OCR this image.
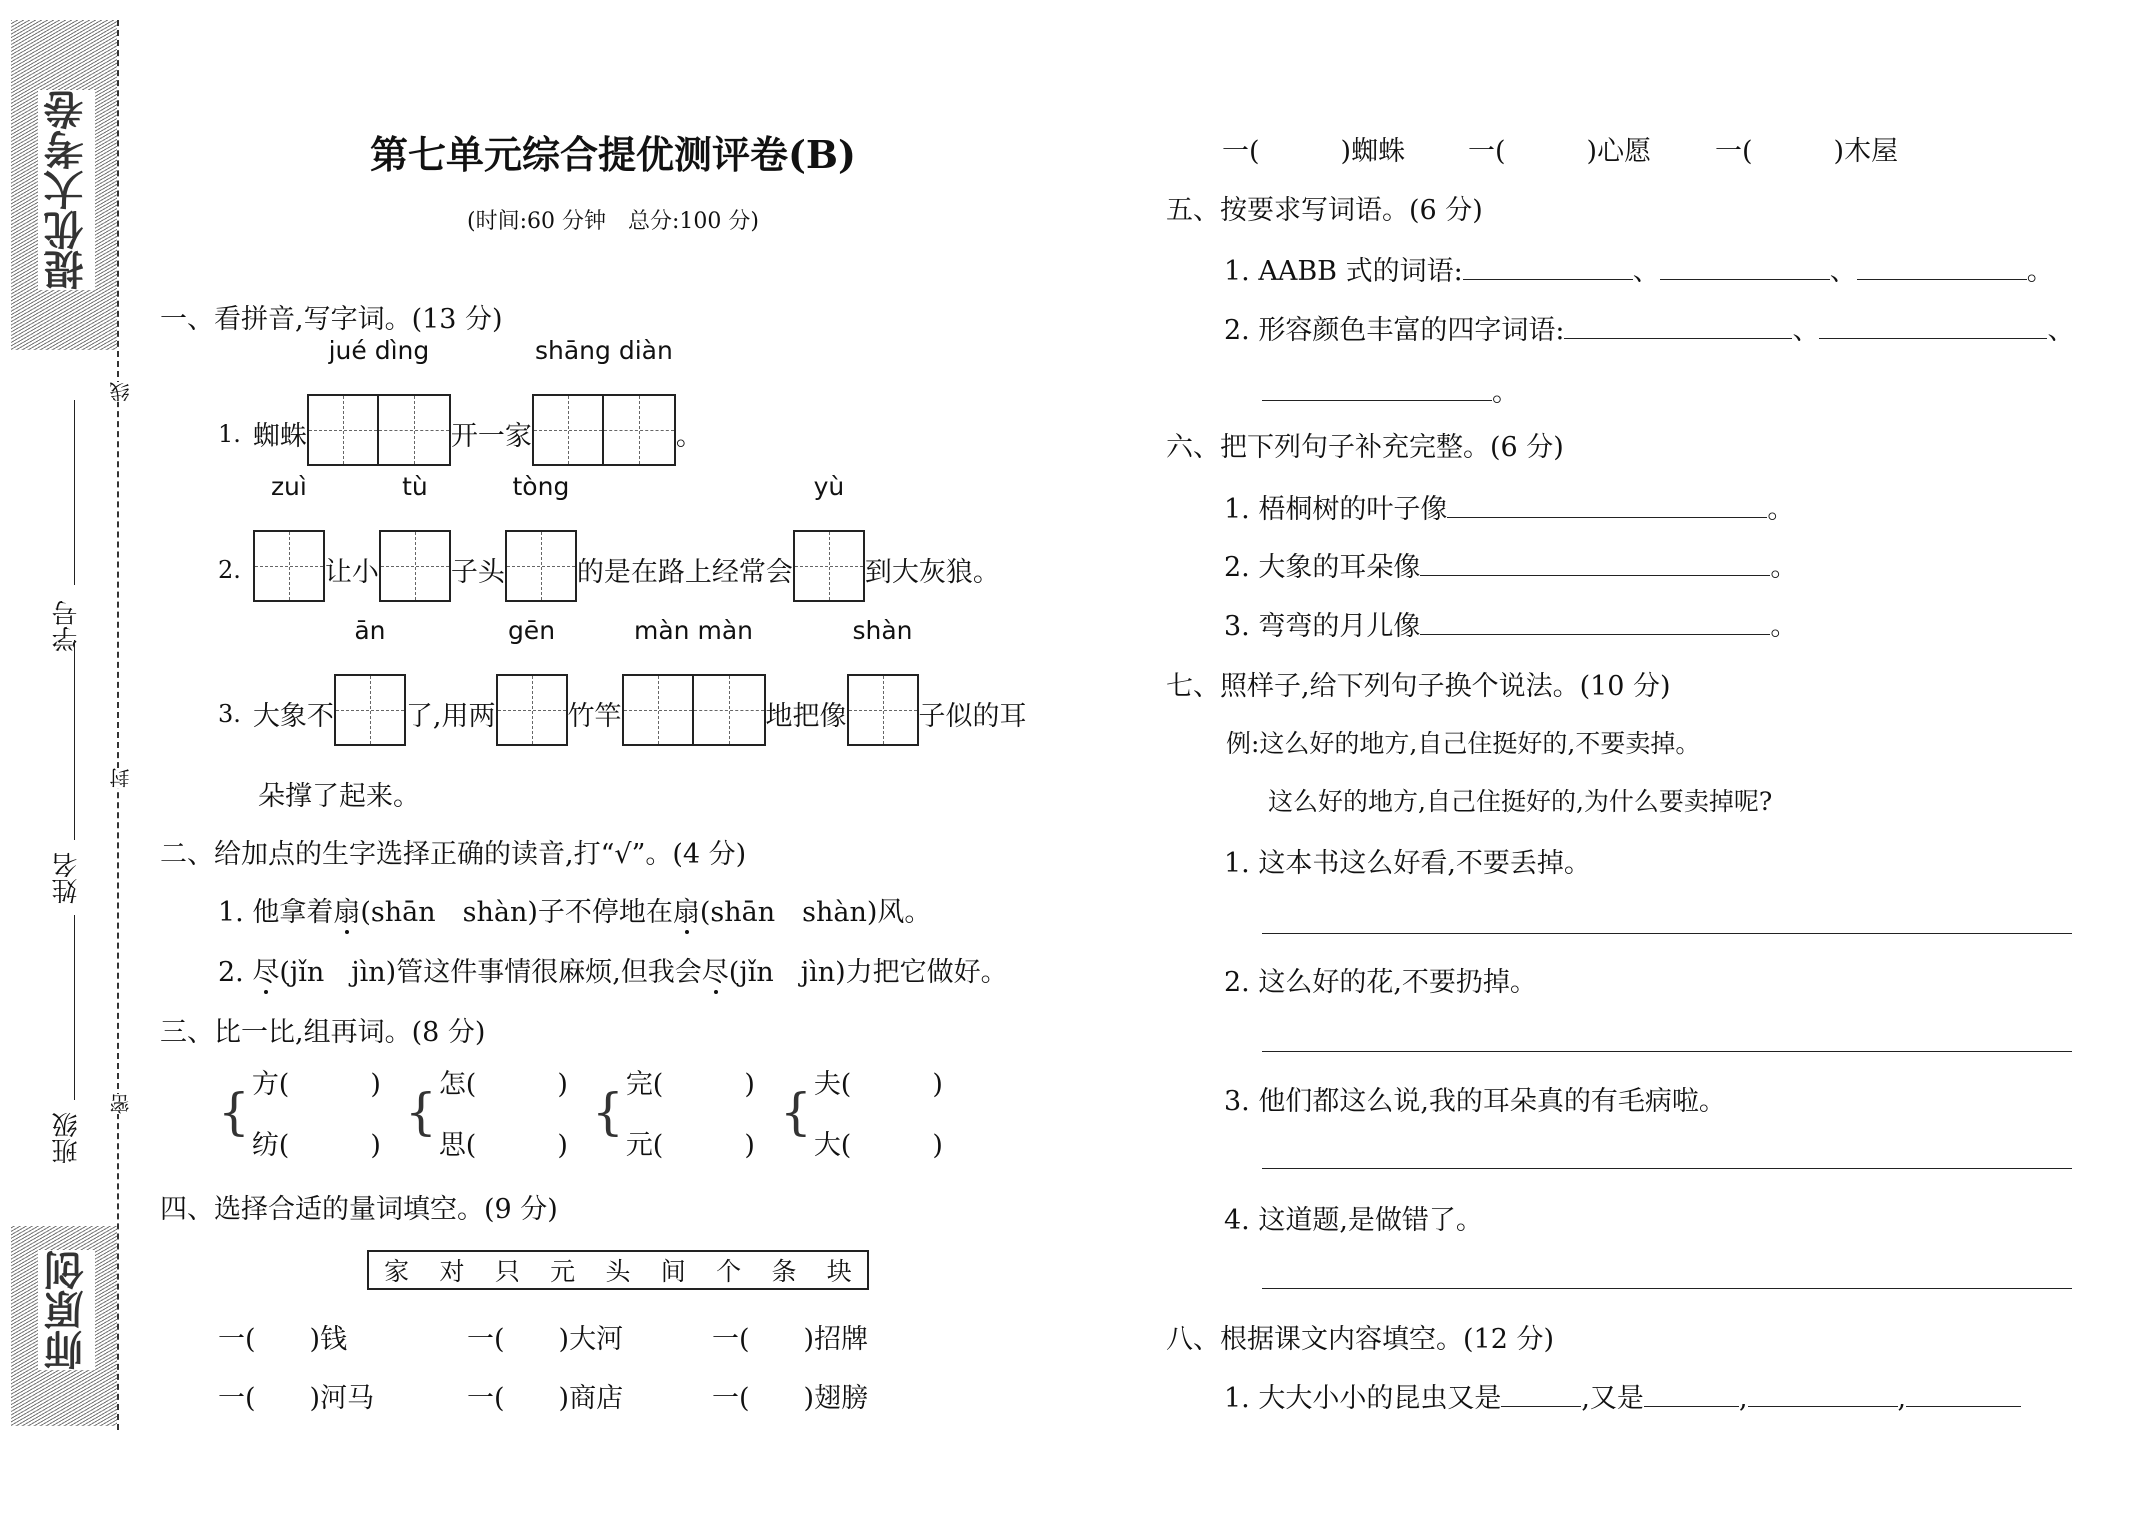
提优大考卷
师原创
线
封
密
学号
姓名
班级
第七单元综合提优测评卷(B)
(时间:60 分钟　总分:100 分)
一、看拼音,写字词。(13 分)
1. 蜘蛛
jué dìng
开一家
shāng diàn
。
2.
zuì
让小
tù
子头
tòng
的是在路上经常会
yù
到大灰狼。
3. 大象不
ān
了,用两
gēn
竹竿
màn màn
地把像
shàn
子似的耳
朵撑了起来。
二、给加点的生字选择正确的读音,打“√”。(4 分)
1. 他拿着扇(shān　shàn)子不停地在扇(shān　shàn)风。
2. 尽(jǐn　jìn)管这件事情很麻烦,但我会尽(jǐn　jìn)力把它做好。
三、比一比,组再词。(8 分)
{ 方(　　　)
纺(　　　)
{ 怎(　　　)
思(　　　)
{ 完(　　　)
元(　　　)
{ 夫(　　　)
大(　　　)
四、选择合适的量词填空。(9 分)
家 对 只 元 头 间 个 条 块
一(　　)钱	一(　　)大河	一(　　)招牌
一(　　)河马	一(　　)商店	一(　　)翅膀
一(　　　)蜘蛛 一(　　　)心愿 一(　　　)木屋
五、按要求写词语。(6 分)
1. AABB 式的词语:	、	、	。
2. 形容颜色丰富的四字词语:	、	、
。
六、把下列句子补充完整。(6 分)
1. 梧桐树的叶子像	。
2. 大象的耳朵像	。
3. 弯弯的月儿像	。
七、照样子,给下列句子换个说法。(10 分)
例:这么好的地方,自己住挺好的,不要卖掉。
这么好的地方,自己住挺好的,为什么要卖掉呢?
1. 这本书这么好看,不要丢掉。
2. 这么好的花,不要扔掉。
3. 他们都这么说,我的耳朵真的有毛病啦。
4. 这道题,是做错了。
八、根据课文内容填空。(12 分)
1. 大大小小的昆虫又是	,又是	,	,
